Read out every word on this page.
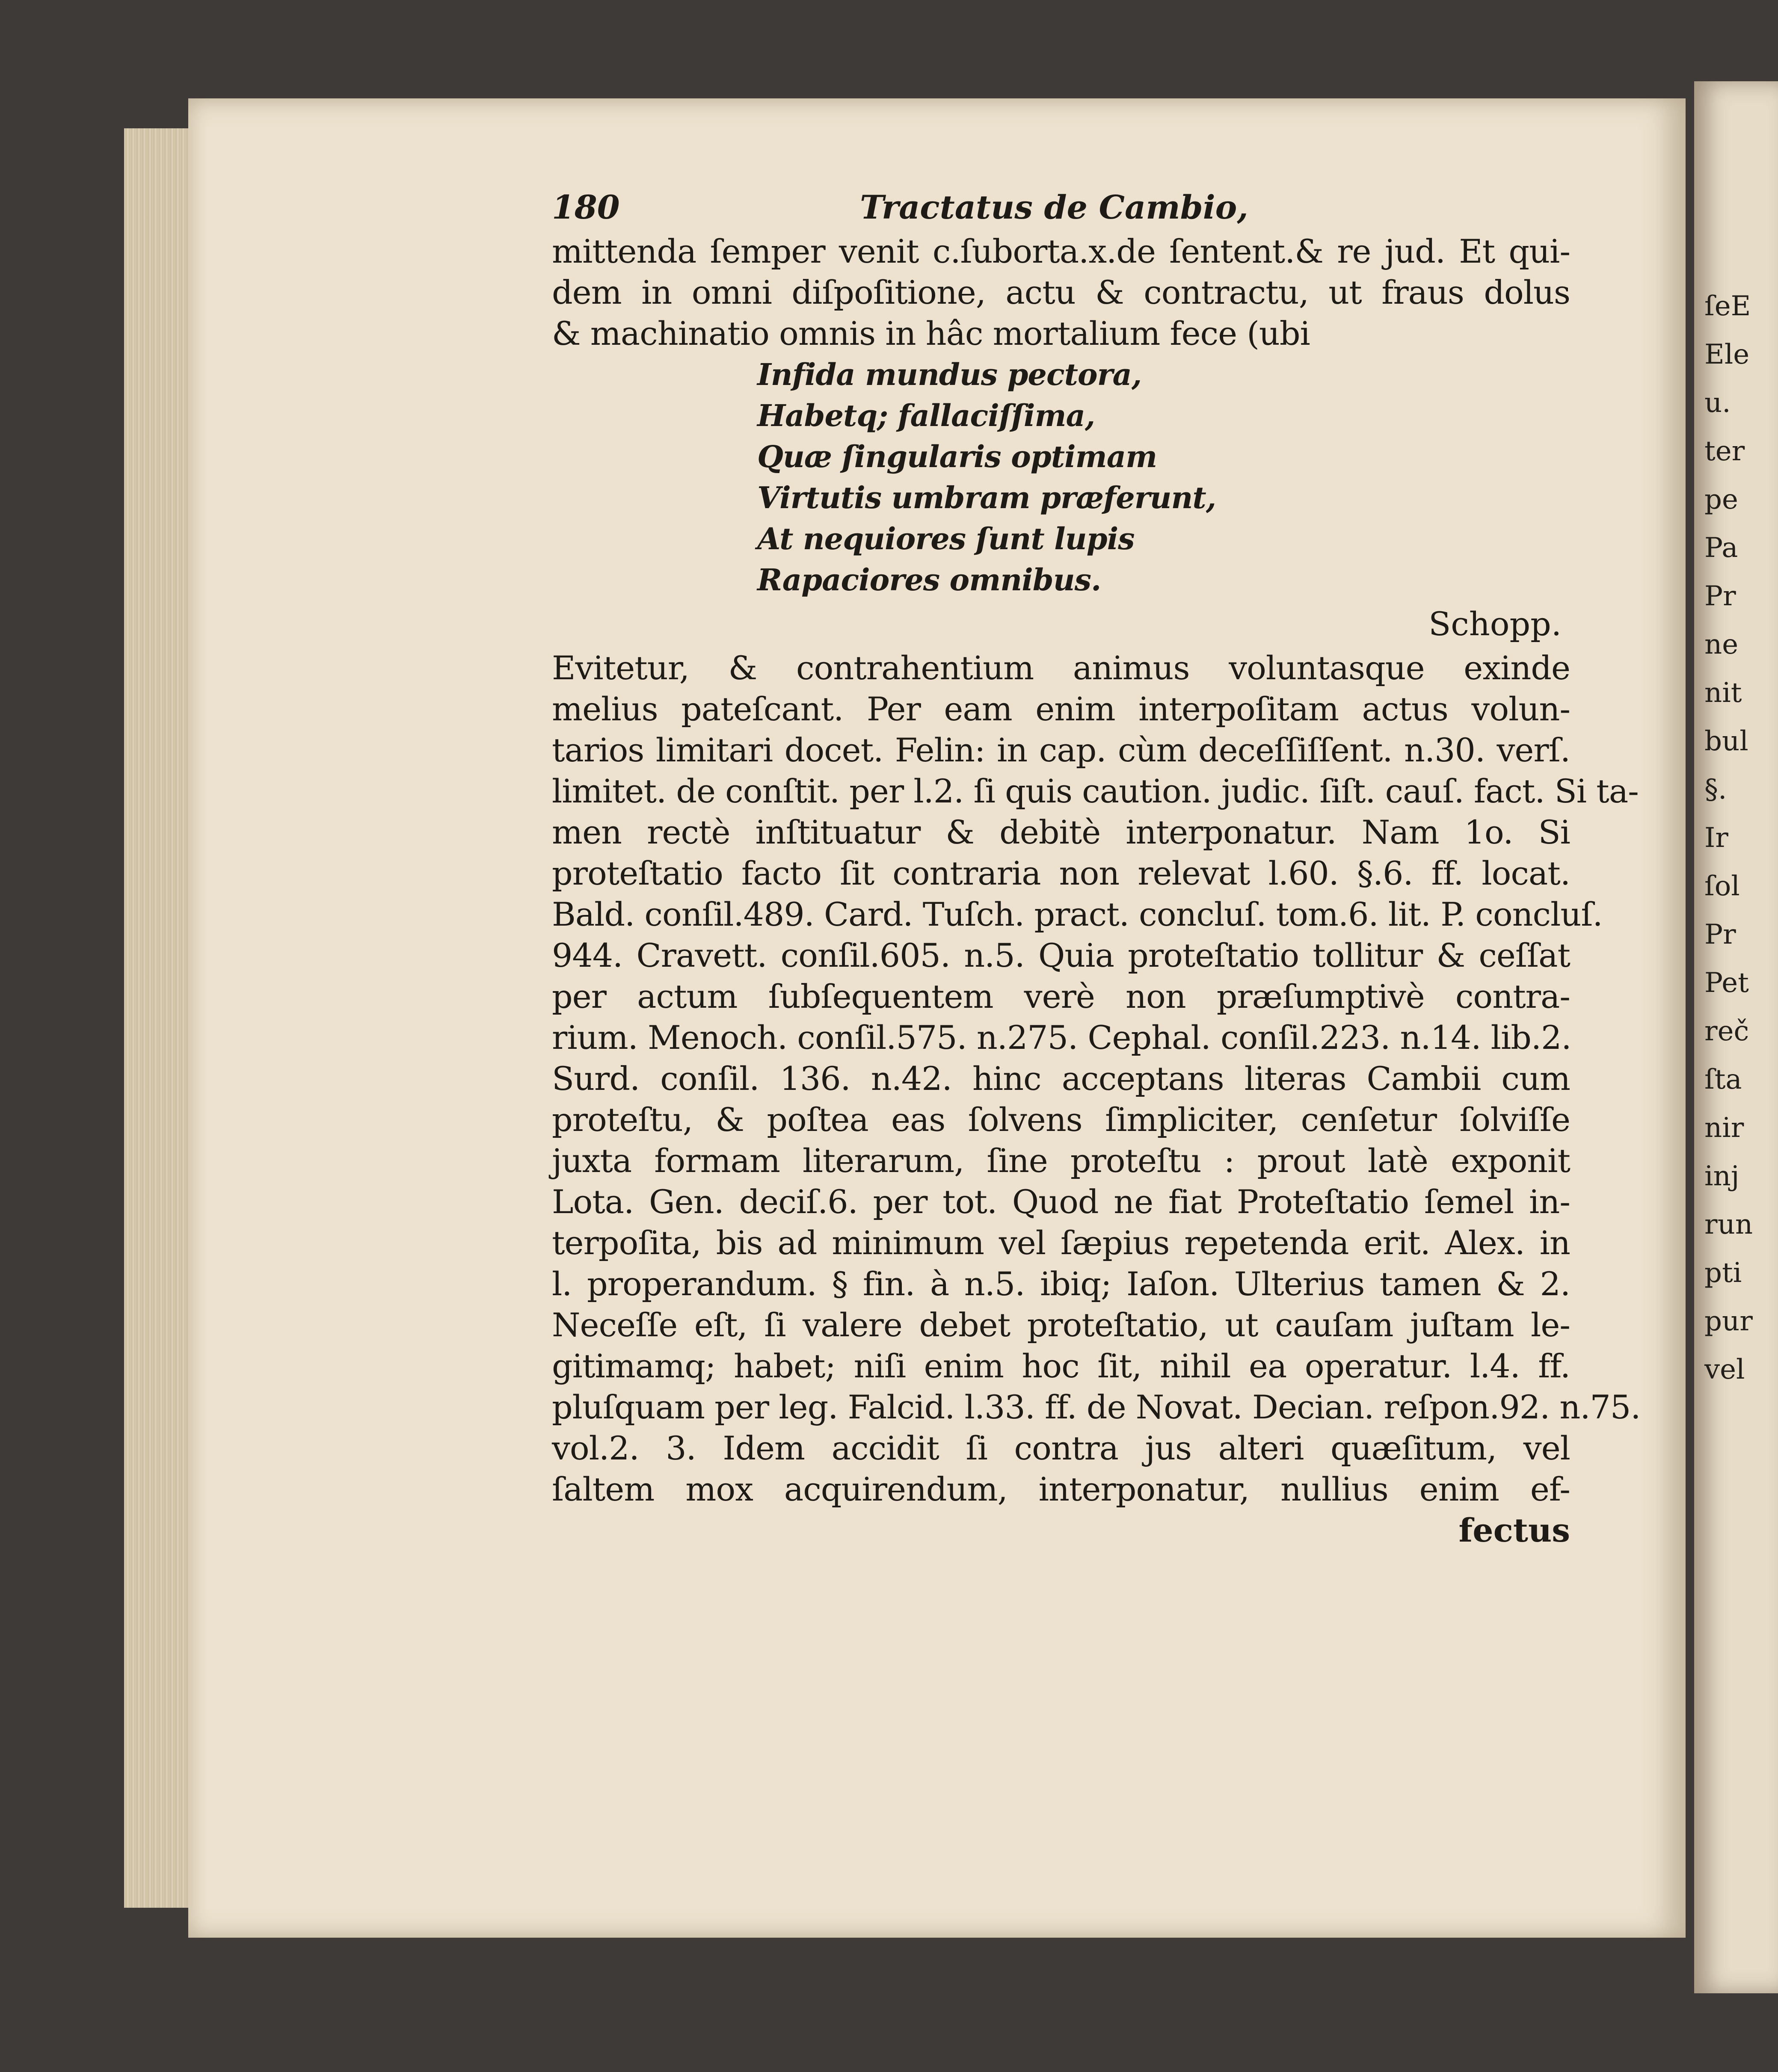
ſeE
Ele
u.
ter
pe
Pa
Pr
ne
nit
bul
§.
Ir
ſol
Pr
Pet
reč
ſta
nir
inj
run
pti
pur
vel
180	Tractatus de Cambio,
mittenda ſemper venit c.ſuborta.x.de ſentent.& re jud. Et qui-
dem in omni diſpoſitione, actu & contractu, ut fraus dolus
& machinatio omnis in hâc mortalium fece (ubi
Infida mundus pectora,
Habetq; fallaciſſima,
Quæ ſingularis optimam
Virtutis umbram præferunt,
At nequiores ſunt lupis
Rapaciores omnibus.
Schopp.
Evitetur, & contrahentium animus voluntasque exinde
melius pateſcant. Per eam enim interpoſitam actus volun-
tarios limitari docet. Felin: in cap. cùm deceſſiſſent. n.30. verſ.
limitet. de conſtit. per l.2. ſi quis caution. judic. ſiſt. cauſ. fact. Si ta-
men rectè inſtituatur & debitè interponatur. Nam 1o. Si
proteſtatio facto ſit contraria non relevat l.60. §.6. ff. locat.
Bald. conſil.489. Card. Tuſch. pract. concluſ. tom.6. lit. P. concluſ.
944. Cravett. conſil.605. n.5. Quia proteſtatio tollitur & ceſſat
per actum ſubſequentem verè non præſumptivè contra-
rium. Menoch. conſil.575. n.275. Cephal. conſil.223. n.14. lib.2.
Surd. conſil. 136. n.42. hinc acceptans literas Cambii cum
proteſtu, & poſtea eas ſolvens ſimpliciter, cenſetur ſolviſſe
juxta formam literarum, ſine proteſtu : prout latè exponit
Lota. Gen. deciſ.6. per tot. Quod ne fiat Proteſtatio ſemel in-
terpoſita, bis ad minimum vel ſæpius repetenda erit. Alex. in
l. properandum. § fin. à n.5. ibiq; Iaſon. Ulterius tamen & 2.
Neceſſe eſt, ſi valere debet proteſtatio, ut cauſam juſtam le-
gitimamq; habet; niſi enim hoc ſit, nihil ea operatur. l.4. ff.
pluſquam per leg. Falcid. l.33. ff. de Novat. Decian. reſpon.92. n.75.
vol.2. 3. Idem accidit ſi contra jus alteri quæſitum, vel
ſaltem mox acquirendum, interponatur, nullius enim ef-
fectus
